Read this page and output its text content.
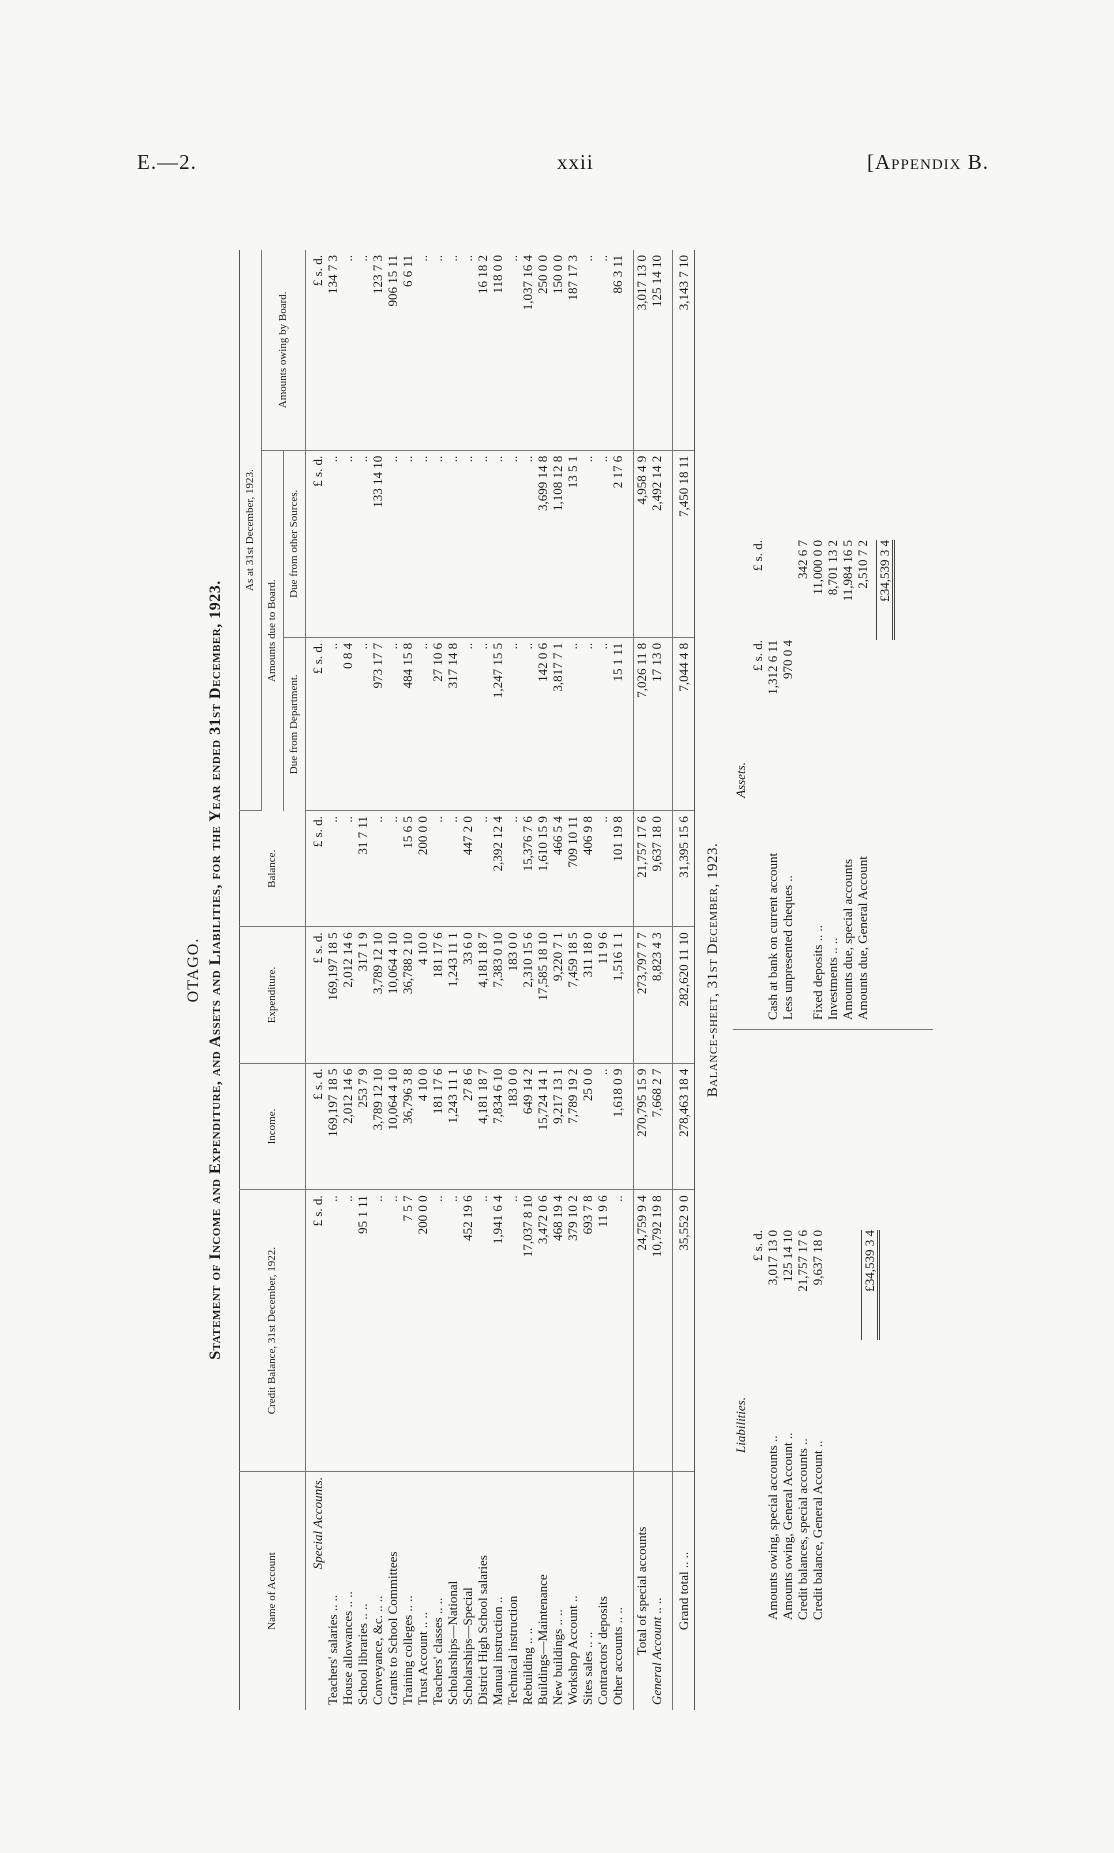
E.—2.	xxii	[Appendix B.
OTAGO. Statement of Income and Expenditure, and Assets and Liabilities, for the Year ended 31st December, 1923.
Name of Account	Credit Balance, 31st December, 1922.	Income.	Expenditure.	Balance.	As at 31st December, 1923.		
					Amounts due to Board.		Amounts owing by Board.
					Due from Department.	Due from other Sources.	
Special Accounts.	£ s. d.	£ s. d.	£ s. d.	£ s. d.	£ s. d.	£ s. d.	£ s. d.
Teachers' salaries .. ..	..	169,197 18 5	169,197 18 5	..	..	..	134 7 3
House allowances .. ..	..	2,012 14 6	2,012 14 6	..	0 8 4	..	..
School libraries .. ..	95 1 11	253 7 9	317 1 9	31 7 11	..	..	..
Conveyance, &c. .. ..	..	3,789 12 10	3,789 12 10	..	973 17 7	133 14 10	123 7 3
Grants to School Committees	..	10,064 4 10	10,064 4 10	..	..	..	906 15 11
Training colleges .. ..	7 5 7	36,796 3 8	36,788 2 10	15 6 5	484 15 8	..	6 6 11
Trust Account .. ..	200 0 0	4 10 0	4 10 0	200 0 0	..	..	..
Teachers' classes .. ..	..	181 17 6	181 17 6	..	27 10 6	..	..
Scholarships—National	..	1,243 11 1	1,243 11 1	..	317 14 8	..	..
Scholarships—Special	452 19 6	27 8 6	33 6 0	447 2 0	..	..	..
District High School salaries	..	4,181 18 7	4,181 18 7	..	..	..	16 18 2
Manual instruction ..	1,941 6 4	7,834 6 10	7,383 0 10	2,392 12 4	1,247 15 5	..	118 0 0
Technical instruction	..	183 0 0	183 0 0	..	..	..	..
Rebuilding .. ..	17,037 8 10	649 14 2	2,310 15 6	15,376 7 6	..	..	1,037 16 4
Buildings—Maintenance	3,472 0 6	15,724 14 1	17,585 18 10	1,610 15 9	142 0 6	3,699 14 8	250 0 0
New buildings .. ..	468 19 4	9,217 13 1	9,220 7 1	466 5 4	3,817 7 1	1,108 12 8	150 0 0
Workshop Account ..	379 10 2	7,789 19 2	7,459 18 5	709 10 11	..	13 5 1	187 17 3
Sites sales .. ..	693 7 8	25 0 0	311 18 0	406 9 8	..	..	..
Contractors' deposits	11 9 6	..	11 9 6	..	..	..	..
Other accounts .. ..	..	1,618 0 9	1,516 1 1	101 19 8	15 1 11	2 17 6	86 3 11

Total of special accounts	24,759 9 4	270,795 15 9	273,797 7 7	21,757 17 6	7,026 11 8	4,958 4 9	3,017 13 0
General Account .. ..	10,792 19 8	7,668 2 7	8,823 4 3	9,637 18 0	17 13 0	2,492 14 2	125 14 10

Grand total .. ..	35,552 9 0	278,463 18 4	282,620 11 10	31,395 15 6	7,044 4 8	7,450 18 11	3,143 7 10
Balance-sheet, 31st December, 1923.
Liabilities.
£ s. d.
Amounts owing, special accounts ..
3,017 13 0
Amounts owing, General Account ..
125 14 10
Credit balances, special accounts ..
21,757 17 6
Credit balance, General Account ..
9,637 18 0	£34,539 3 4
Assets.
£ s. d.
£ s. d.
Cash at bank on current account
1,312 6 11
Less unpresented cheques ..
970 0 4
342 6 7
Fixed deposits .. ..
11,000 0 0
Investments .. ..
8,701 13 2
Amounts due, special accounts
11,984 16 5
Amounts due, General Account
2,510 7 2 £34,539 3 4
